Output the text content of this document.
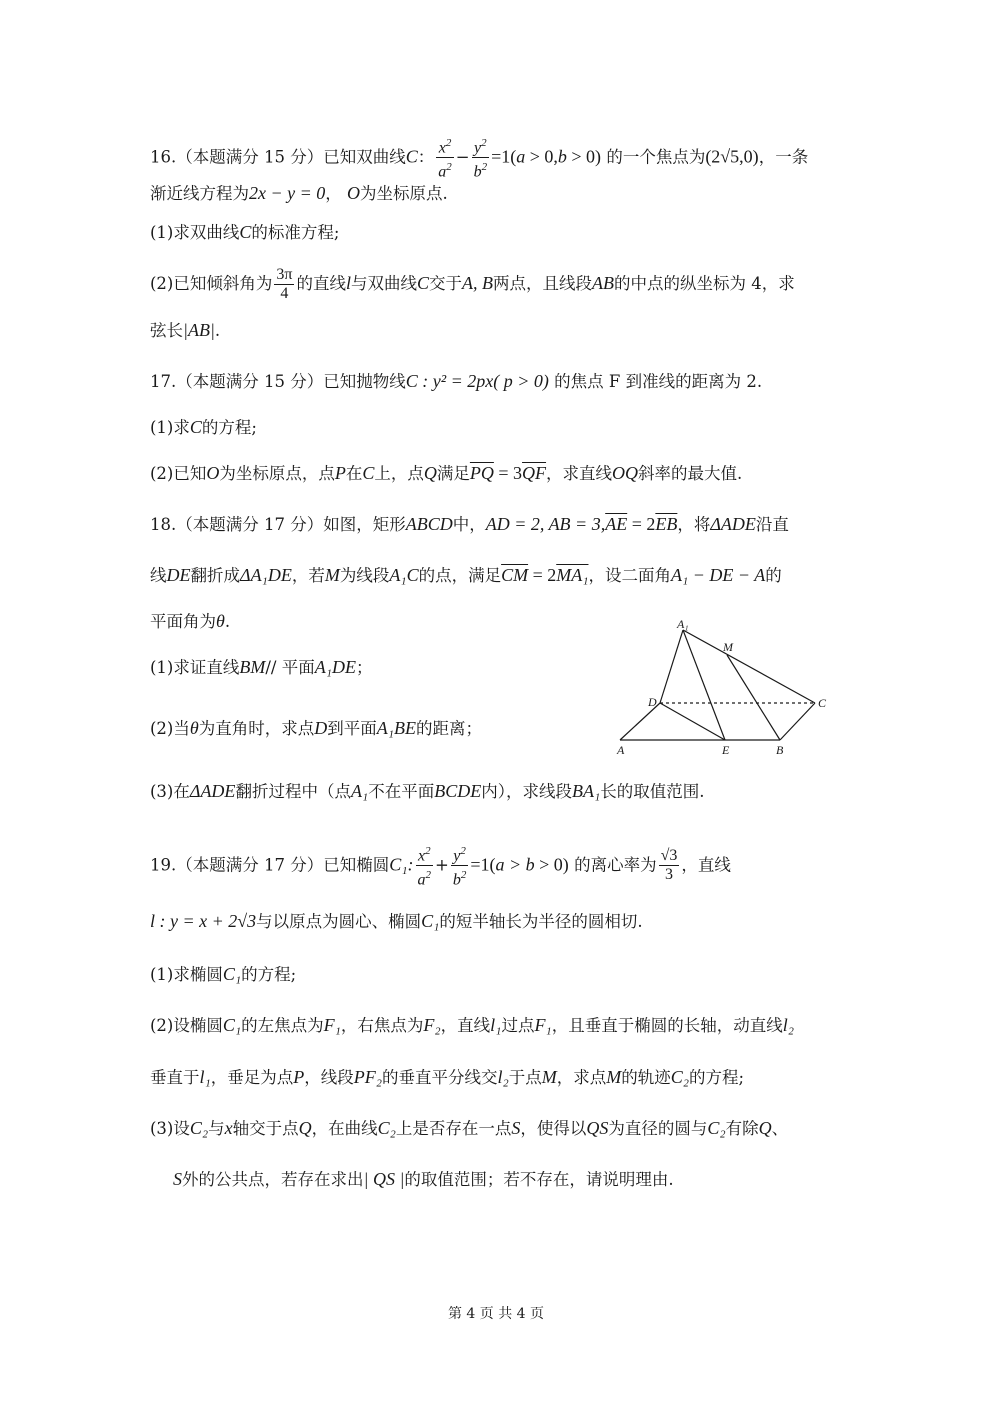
16.（本题满分 15 分）已知双曲线C： $\frac{x^2}{a^2} - \frac{y^2}{b^2} =1(a > 0,b > 0)$ 的一个焦点为(2√5,0)，一条
渐近线方程为2x − y = 0， O为坐标原点.
(1)求双曲线C的标准方程;
(2)已知倾斜角为 $\frac{3\pi}{4}$ 的直线l与双曲线C交于A, B两点，且线段AB的中点的纵坐标为 4，求
弦长|AB|.
17.（本题满分 15 分）已知抛物线C : y² = 2px( p > 0) 的焦点 F 到准线的距离为 2.
(1)求C的方程;
(2)已知O为坐标原点，点P在C上，点Q满足$\overline{PQ} = 3\overline{QF}$，求直线OQ斜率的最大值.
18.（本题满分 17 分）如图，矩形ABCD中，AD = 2, AB = $3,\overline{AE} = 2\overline{EB}$，将ΔADE沿直
线DE翻折成ΔA₁DE，若M为线段A₁C的点，满足$\overline{CM} = 2MA_1$，设二面角A₁ − DE − A的
平面角为θ.
(1)求证直线BM// 平面A₁DE；
(2)当θ为直角时，求点D到平面A₁BE的距离；
(3)在ΔADE翻折过程中（点A₁不在平面BCDE内），求线段BA₁长的取值范围.
A₁
M
D	C
A	E	B
19.（本题满分 17 分）已知椭圆C₁: $\frac{x^2}{a^2} + \frac{y^2}{b^2} =1(a > b > 0)$ 的离心率为 $\frac{√3}{3}$ ，直线
l : y = x + 2√3与以原点为圆心、椭圆C₁的短半轴长为半径的圆相切.
(1)求椭圆C₁的方程;
(2)设椭圆C₁的左焦点为F₁，右焦点为F₂，直线l₁过点F₁，且垂直于椭圆的长轴，动直线l₂
垂直于l₁，垂足为点P，线段PF₂的垂直平分线交l₂于点M，求点M的轨迹C₂的方程;
(3)设C₂与x轴交于点Q，在曲线C₂上是否存在一点S，使得以QS为直径的圆与C₂有除Q、
S外的公共点，若存在求出| QS |的取值范围；若不存在，请说明理由.
第 4 页 共 4 页
